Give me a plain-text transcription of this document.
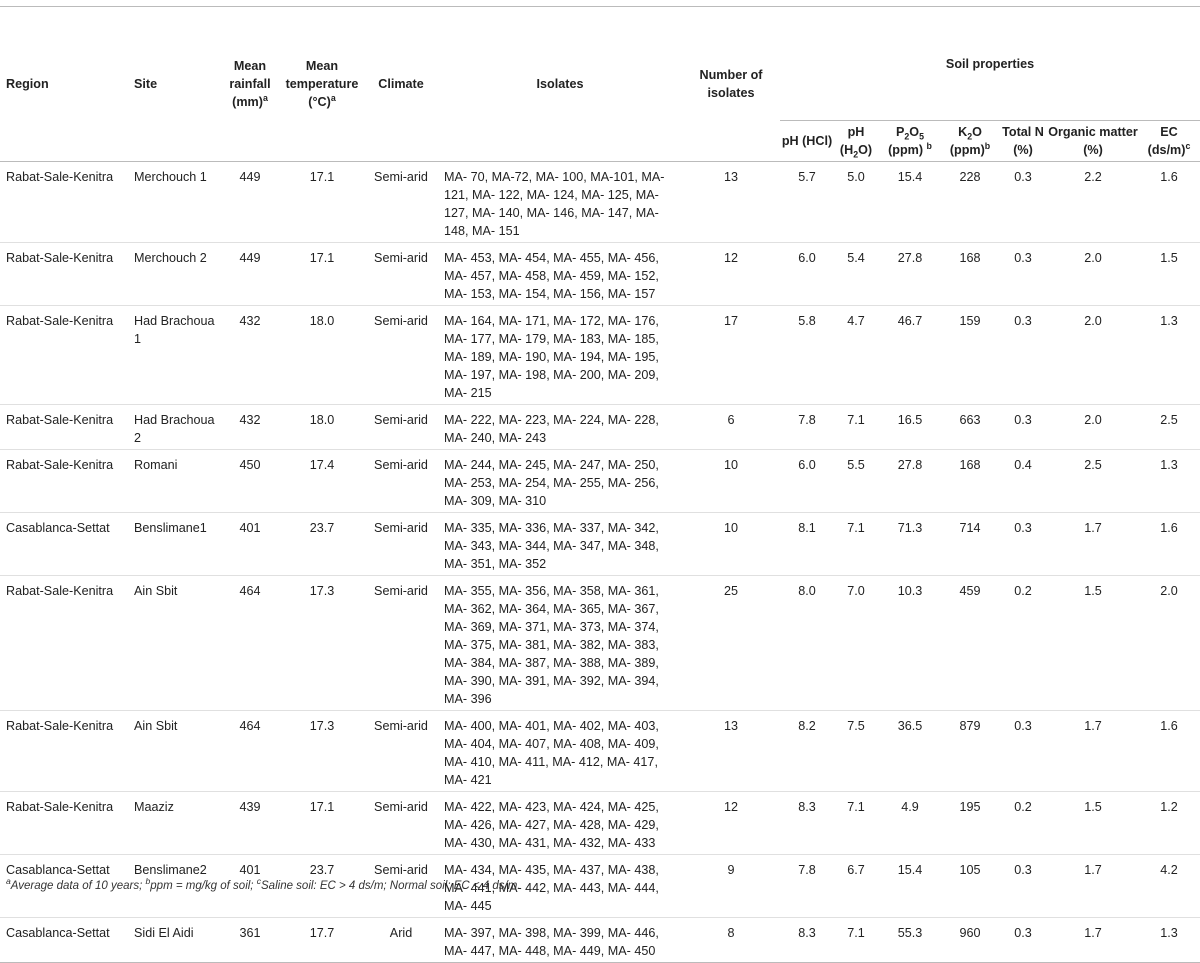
Region	Site	Mean rainfall (mm)$^a$	Mean temperature $(^\circ C)^a$	Climate	Isolates	Number of isolates	Soil properties						
							pH (HCl)	pH $(H_2O)$	$P_2O_5$ (ppm) $^b$	$K_2O$ (ppm)$^b$	Total N (%)	Organic matter (%)	EC $(ds/m)^c$
Rabat-Sale-Kenitra	Merchouch 1	449	17.1	Semi-arid	MA- 70, MA-72, MA- 100, MA-101, MA- 121, MA- 122, MA- 124, MA- 125, MA- 127, MA- 140, MA- 146, MA- 147, MA- 148, MA- 151	13	5.7	5.0	15.4	228	0.3	2.2	1.6
Rabat-Sale-Kenitra	Merchouch 2	449	17.1	Semi-arid	MA- 453, MA- 454, MA- 455, MA- 456, MA- 457, MA- 458, MA- 459, MA- 152, MA- 153, MA- 154, MA- 156, MA- 157	12	6.0	5.4	27.8	168	0.3	2.0	1.5
Rabat-Sale-Kenitra	Had Brachoua 1	432	18.0	Semi-arid	MA- 164, MA- 171, MA- 172, MA- 176, MA- 177, MA- 179, MA- 183, MA- 185, MA- 189, MA- 190, MA- 194, MA- 195, MA- 197, MA- 198, MA- 200, MA- 209, MA- 215	17	5.8	4.7	46.7	159	0.3	2.0	1.3
Rabat-Sale-Kenitra	Had Brachoua 2	432	18.0	Semi-arid	MA- 222, MA- 223, MA- 224, MA- 228, MA- 240, MA- 243	6	7.8	7.1	16.5	663	0.3	2.0	2.5
Rabat-Sale-Kenitra	Romani	450	17.4	Semi-arid	MA- 244, MA- 245, MA- 247, MA- 250, MA- 253, MA- 254, MA- 255, MA- 256, MA- 309, MA- 310	10	6.0	5.5	27.8	168	0.4	2.5	1.3
Casablanca-Settat	Benslimane1	401	23.7	Semi-arid	MA- 335, MA- 336, MA- 337, MA- 342, MA- 343, MA- 344, MA- 347, MA- 348, MA- 351, MA- 352	10	8.1	7.1	71.3	714	0.3	1.7	1.6
Rabat-Sale-Kenitra	Ain Sbit	464	17.3	Semi-arid	MA- 355, MA- 356, MA- 358, MA- 361, MA- 362, MA- 364, MA- 365, MA- 367, MA- 369, MA- 371, MA- 373, MA- 374, MA- 375, MA- 381, MA- 382, MA- 383, MA- 384, MA- 387, MA- 388, MA- 389, MA- 390, MA- 391, MA- 392, MA- 394, MA- 396	25	8.0	7.0	10.3	459	0.2	1.5	2.0
Rabat-Sale-Kenitra	Ain Sbit	464	17.3	Semi-arid	MA- 400, MA- 401, MA- 402, MA- 403, MA- 404, MA- 407, MA- 408, MA- 409, MA- 410, MA- 411, MA- 412, MA- 417, MA- 421	13	8.2	7.5	36.5	879	0.3	1.7	1.6
Rabat-Sale-Kenitra	Maaziz	439	17.1	Semi-arid	MA- 422, MA- 423, MA- 424, MA- 425, MA- 426, MA- 427, MA- 428, MA- 429, MA- 430, MA- 431, MA- 432, MA- 433	12	8.3	7.1	4.9	195	0.2	1.5	1.2
Casablanca-Settat	Benslimane2	401	23.7	Semi-arid	MA- 434, MA- 435, MA- 437, MA- 438, MA- 441, MA- 442, MA- 443, MA- 444, MA- 445	9	7.8	6.7	15.4	105	0.3	1.7	4.2
Casablanca-Settat	Sidi El Aidi	361	17.7	Arid	MA- 397, MA- 398, MA- 399, MA- 446, MA- 447, MA- 448, MA- 449, MA- 450	8	8.3	7.1	55.3	960	0.3	1.7	1.3
$^a$Average data of 10 years; $^b$ppm = mg/kg of soil; $^c$Saline soil: EC > 4 ds/m; Normal soil: EC < 4 ds/m.
